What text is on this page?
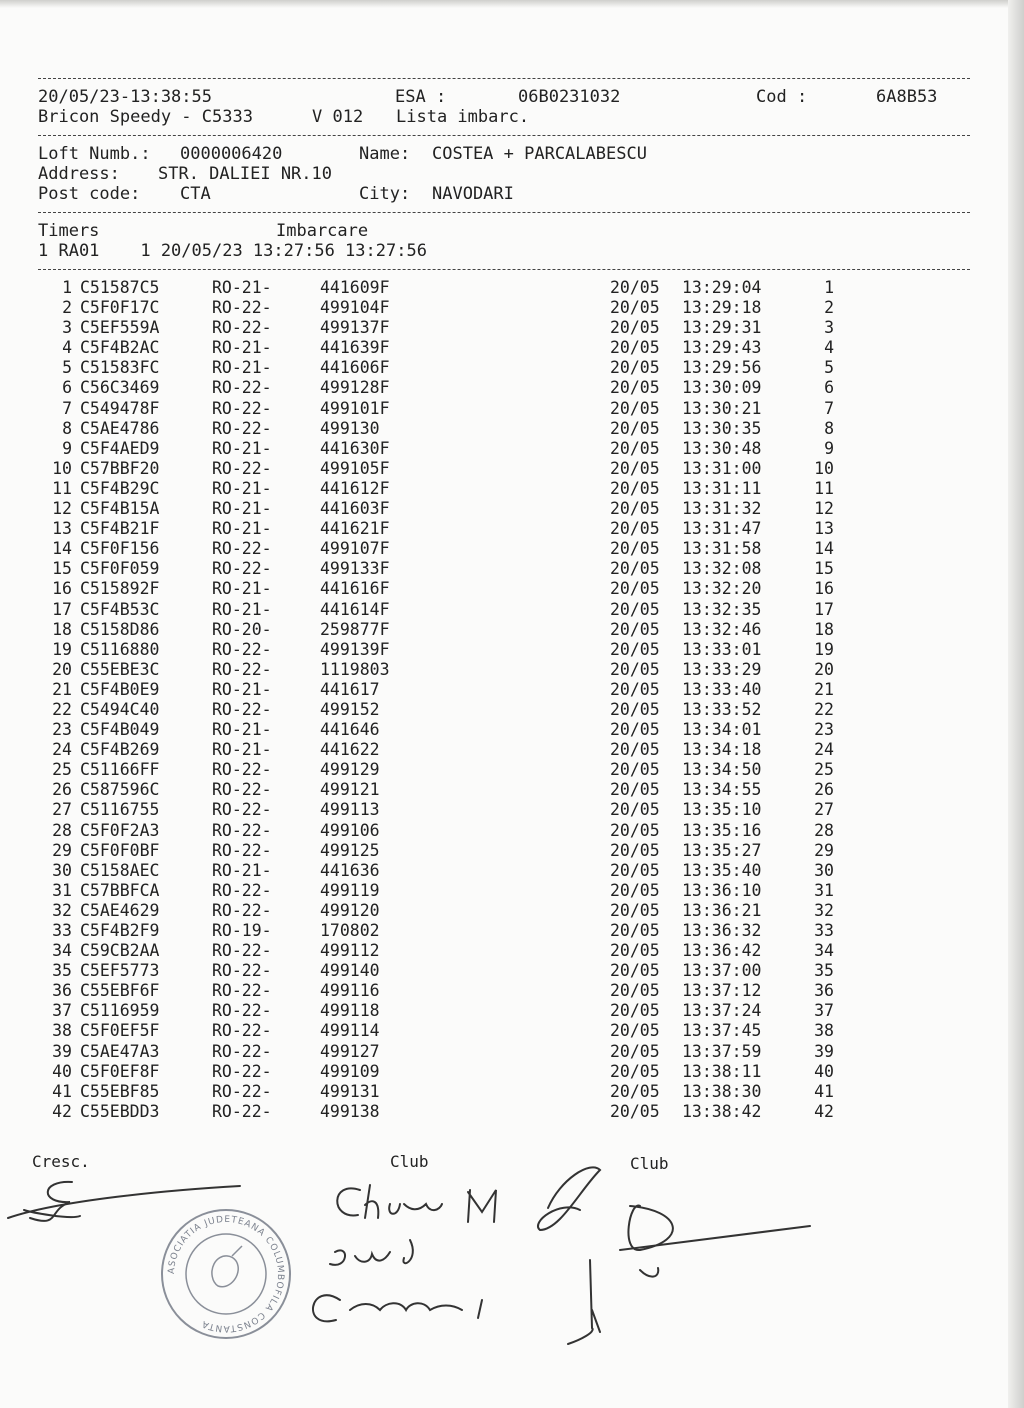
20/05/23-13:38:55

	ESA :

	06B0231032

	Cod :

	6A8B53

Bricon Speedy - C5333

	V 012

Lista imbarc.

Loft Numb.:

0000006420

	Name:

COSTEA + PARCALABESCU

Address:

STR. DALIEI NR.10

Post code:

CTA

	City:

NAVODARI

Timers

	Imbarcare

1 RA01    1 20/05/23 13:27:56 13:27:56
1	C51587C5	RO-21-	441609F	20/05	13:29:04	1
2	C5F0F17C	RO-22-	499104F	20/05	13:29:18	2
3	C5EF559A	RO-22-	499137F	20/05	13:29:31	3
4	C5F4B2AC	RO-21-	441639F	20/05	13:29:43	4
5	C51583FC	RO-21-	441606F	20/05	13:29:56	5
6	C56C3469	RO-22-	499128F	20/05	13:30:09	6
7	C549478F	RO-22-	499101F	20/05	13:30:21	7
8	C5AE4786	RO-22-	499130	20/05	13:30:35	8
9	C5F4AED9	RO-21-	441630F	20/05	13:30:48	9
10	C57BBF20	RO-22-	499105F	20/05	13:31:00	10
11	C5F4B29C	RO-21-	441612F	20/05	13:31:11	11
12	C5F4B15A	RO-21-	441603F	20/05	13:31:32	12
13	C5F4B21F	RO-21-	441621F	20/05	13:31:47	13
14	C5F0F156	RO-22-	499107F	20/05	13:31:58	14
15	C5F0F059	RO-22-	499133F	20/05	13:32:08	15
16	C515892F	RO-21-	441616F	20/05	13:32:20	16
17	C5F4B53C	RO-21-	441614F	20/05	13:32:35	17
18	C5158D86	RO-20-	259877F	20/05	13:32:46	18
19	C5116880	RO-22-	499139F	20/05	13:33:01	19
20	C55EBE3C	RO-22-	1119803	20/05	13:33:29	20
21	C5F4B0E9	RO-21-	441617	20/05	13:33:40	21
22	C5494C40	RO-22-	499152	20/05	13:33:52	22
23	C5F4B049	RO-21-	441646	20/05	13:34:01	23
24	C5F4B269	RO-21-	441622	20/05	13:34:18	24
25	C51166FF	RO-22-	499129	20/05	13:34:50	25
26	C587596C	RO-22-	499121	20/05	13:34:55	26
27	C5116755	RO-22-	499113	20/05	13:35:10	27
28	C5F0F2A3	RO-22-	499106	20/05	13:35:16	28
29	C5F0F0BF	RO-22-	499125	20/05	13:35:27	29
30	C5158AEC	RO-21-	441636	20/05	13:35:40	30
31	C57BBFCA	RO-22-	499119	20/05	13:36:10	31
32	C5AE4629	RO-22-	499120	20/05	13:36:21	32
33	C5F4B2F9	RO-19-	170802	20/05	13:36:32	33
34	C59CB2AA	RO-22-	499112	20/05	13:36:42	34
35	C5EF5773	RO-22-	499140	20/05	13:37:00	35
36	C55EBF6F	RO-22-	499116	20/05	13:37:12	36
37	C5116959	RO-22-	499118	20/05	13:37:24	37
38	C5F0EF5F	RO-22-	499114	20/05	13:37:45	38
39	C5AE47A3	RO-22-	499127	20/05	13:37:59	39
40	C5F0EF8F	RO-22-	499109	20/05	13:38:11	40
41	C55EBF85	RO-22-	499131	20/05	13:38:30	41
42	C55EBDD3	RO-22-	499138	20/05	13:38:42	42
Cresc.	Club	Club
ASOCIATIA JUDETEANA COLUMBOFILA CONSTANTA
